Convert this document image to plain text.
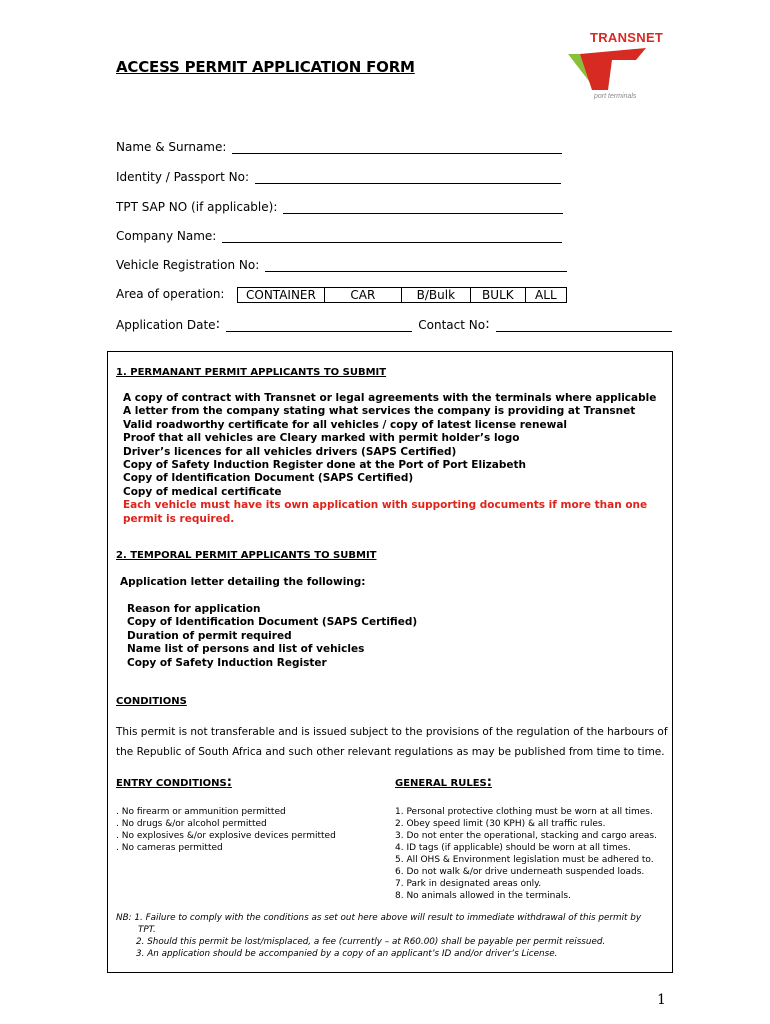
ACCESS PERMIT APPLICATION FORM
TRANSNET
port terminals
Name & Surname:
Identity / Passport No:
TPT SAP NO (if applicable):
Company Name:
Vehicle Registration No:
Area of operation: CONTAINER	CAR	B/Bulk	BULK	ALL
Application Date :	Contact No :
1. PERMANANT PERMIT APPLICANTS TO SUBMIT
A copy of contract with Transnet or legal agreements with the terminals where applicable
A letter from the company stating what services the company is providing at Transnet
Valid roadworthy certificate for all vehicles / copy of latest license renewal
Proof that all vehicles are Cleary marked with permit holder’s logo
Driver’s licences for all vehicles drivers (SAPS Certified)
Copy of Safety Induction Register done at the Port of Port Elizabeth
Copy of Identification Document (SAPS Certified)
Copy of medical certificate
Each vehicle must have its own application with supporting documents if more than one
permit is required.
2. TEMPORAL PERMIT APPLICANTS TO SUBMIT
Application letter detailing the following:
Reason for application
Copy of Identification Document (SAPS Certified)
Duration of permit required
Name list of persons and list of vehicles
Copy of Safety Induction Register
CONDITIONS
This permit is not transferable and is issued subject to the provisions of the regulation of the harbours of
the Republic of South Africa and such other relevant regulations as may be published from time to time.
ENTRY CONDITIONS:	GENERAL RULES:
. No firearm or ammunition permitted
. No drugs &/or alcohol permitted
. No explosives &/or explosive devices permitted
. No cameras permitted
1. Personal protective clothing must be worn at all times.
2. Obey speed limit (30 KPH) & all traffic rules.
3. Do not enter the operational, stacking and cargo areas.
4. ID tags (if applicable) should be worn at all times.
5. All OHS & Environment legislation must be adhered to.
6. Do not walk &/or drive underneath suspended loads.
7. Park in designated areas only.
8. No animals allowed in the terminals.
NB: 1. Failure to comply with the conditions as set out here above will result to immediate withdrawal of this permit by
TPT.
2. Should this permit be lost/misplaced, a fee (currently – at R60.00) shall be payable per permit reissued.
3. An application should be accompanied by a copy of an applicant’s ID and/or driver’s License.
1
